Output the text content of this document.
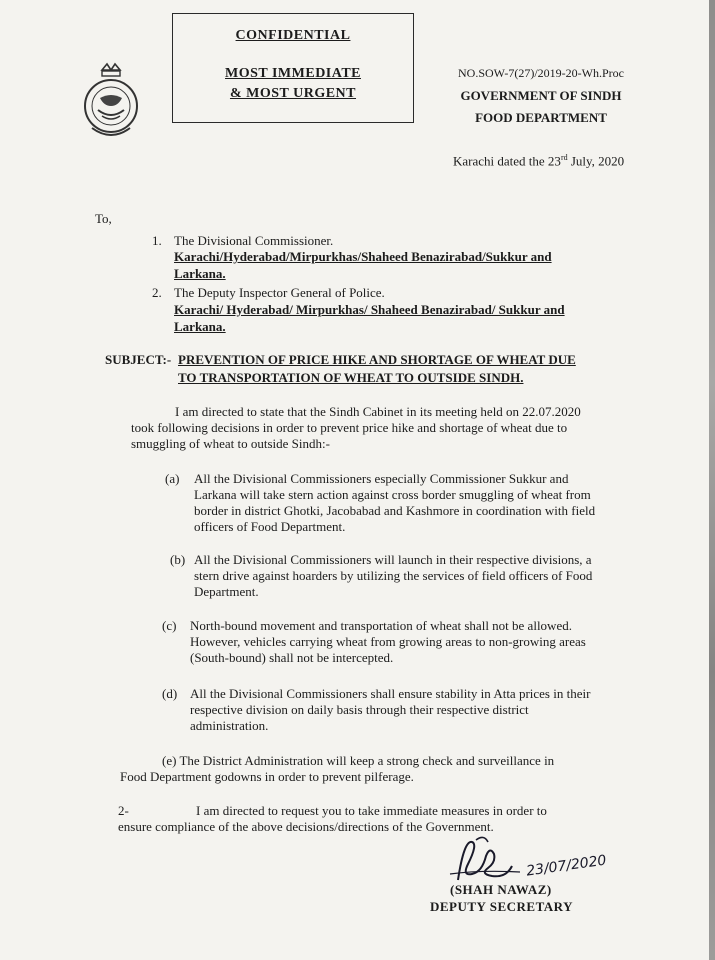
CONFIDENTIAL
MOST IMMEDIATE
& MOST URGENT
NO.SOW-7(27)/2019-20-Wh.Proc
GOVERNMENT OF SINDH
FOOD DEPARTMENT
Karachi dated the 23rd July, 2020
To,
1. The Divisional Commissioner.
Karachi/Hyderabad/Mirpurkhas/Shaheed Benazirabad/Sukkur and
Larkana.
2. The Deputy Inspector General of Police.
Karachi/ Hyderabad/ Mirpurkhas/ Shaheed Benazirabad/ Sukkur and
Larkana.
SUBJECT:- PREVENTION OF PRICE HIKE AND SHORTAGE OF WHEAT DUE
TO TRANSPORTATION OF WHEAT TO OUTSIDE SINDH.
I am directed to state that the Sindh Cabinet in its meeting held on 22.07.2020
took following decisions in order to prevent price hike and shortage of wheat due to
smuggling of wheat to outside Sindh:-
(a) All the Divisional Commissioners especially Commissioner Sukkur and
Larkana will take stern action against cross border smuggling of wheat from
border in district Ghotki, Jacobabad and Kashmore in coordination with field
officers of Food Department.
(b) All the Divisional Commissioners will launch in their respective divisions, a
stern drive against hoarders by utilizing the services of field officers of Food
Department.
(c) North-bound movement and transportation of wheat shall not be allowed.
However, vehicles carrying wheat from growing areas to non-growing areas
(South-bound) shall not be intercepted.
(d) All the Divisional Commissioners shall ensure stability in Atta prices in their
respective division on daily basis through their respective district
administration.
(e) The District Administration will keep a strong check and surveillance in
Food Department godowns in order to prevent pilferage.
2-	I am directed to request you to take immediate measures in order to
ensure compliance of the above decisions/directions of the Government.
23/07/2020
(SHAH NAWAZ)
DEPUTY SECRETARY
